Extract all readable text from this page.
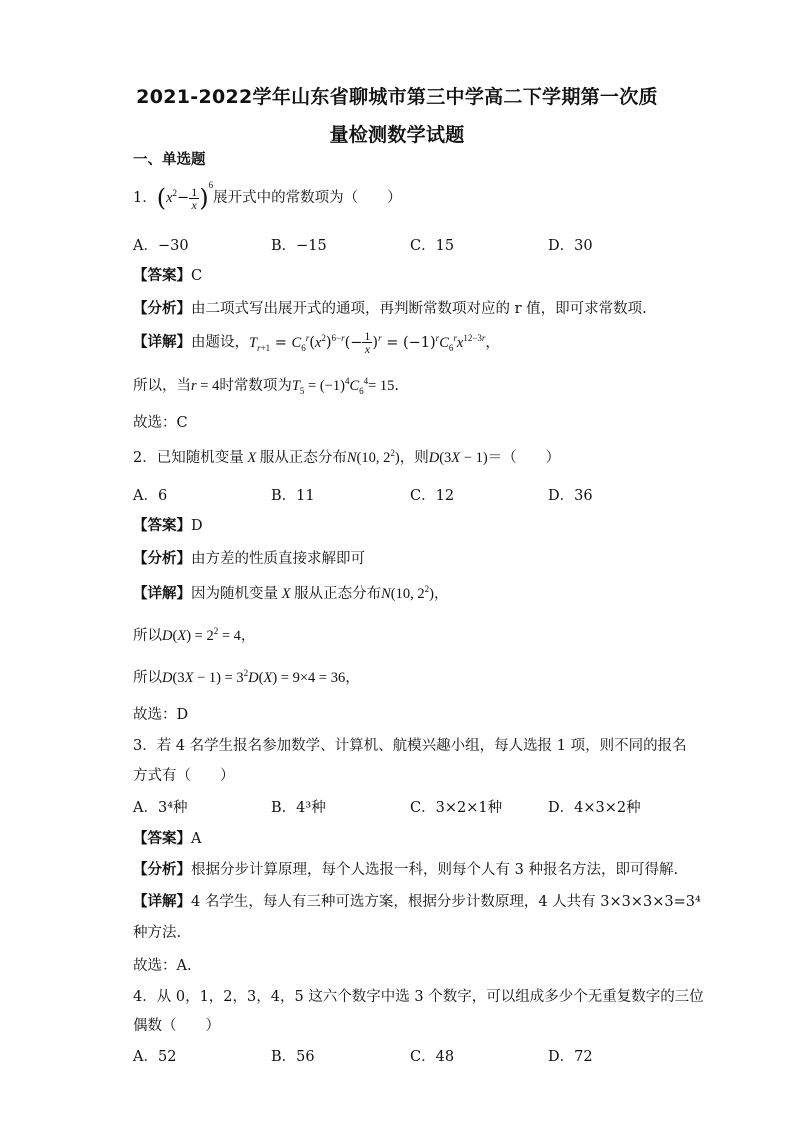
2021-2022学年山东省聊城市第三中学高二下学期第一次质
量检测数学试题
一、单选题
1．$(x^2- \frac{1}{x} )^6$展开式中的常数项为（　　）
A．−30	B．−15	C．15	D．30
【答案】C
【分析】由二项式写出展开式的通项，再判断常数项对应的 r 值，即可求常数项.
【详解】由题设，$T_{r+1} = C_6^r(x^2)^{6-r}(- \frac{1}{x} )^r = (-1)^rC_6^rx^{12-3r}$，
所以，当r = 4时常数项为$T_5 = (-1)^4C_6^4= 15$.
故选：C
2．已知随机变量 X 服从正态分布N(10, $2^2$)，则D(3X − 1)＝（　　）
A．6	B．11	C．12	D．36
【答案】D
【分析】由方差的性质直接求解即可
【详解】因为随机变量 X 服从正态分布N(10, $2^2$)，
所以$D(X) = 2^2 = 4$，
所以$D(3X - 1) = 3^2D(X) = 9\times 4 = 36$，
故选：D
3．若 4 名学生报名参加数学、计算机、航模兴趣小组，每人选报 1 项，则不同的报名
方式有（　　）
A．3⁴种	B．4³种	C．3×2×1种	D．4×3×2种
【答案】A
【分析】根据分步计算原理，每个人选报一科，则每个人有 3 种报名方法，即可得解.
【详解】4 名学生，每人有三种可选方案，根据分步计数原理，4 人共有 3×3×3×3=3⁴
种方法.
故选：A.
4．从 0，1，2，3，4，5 这六个数字中选 3 个数字，可以组成多少个无重复数字的三位
偶数（　　）
A．52	B．56	C．48	D．72
